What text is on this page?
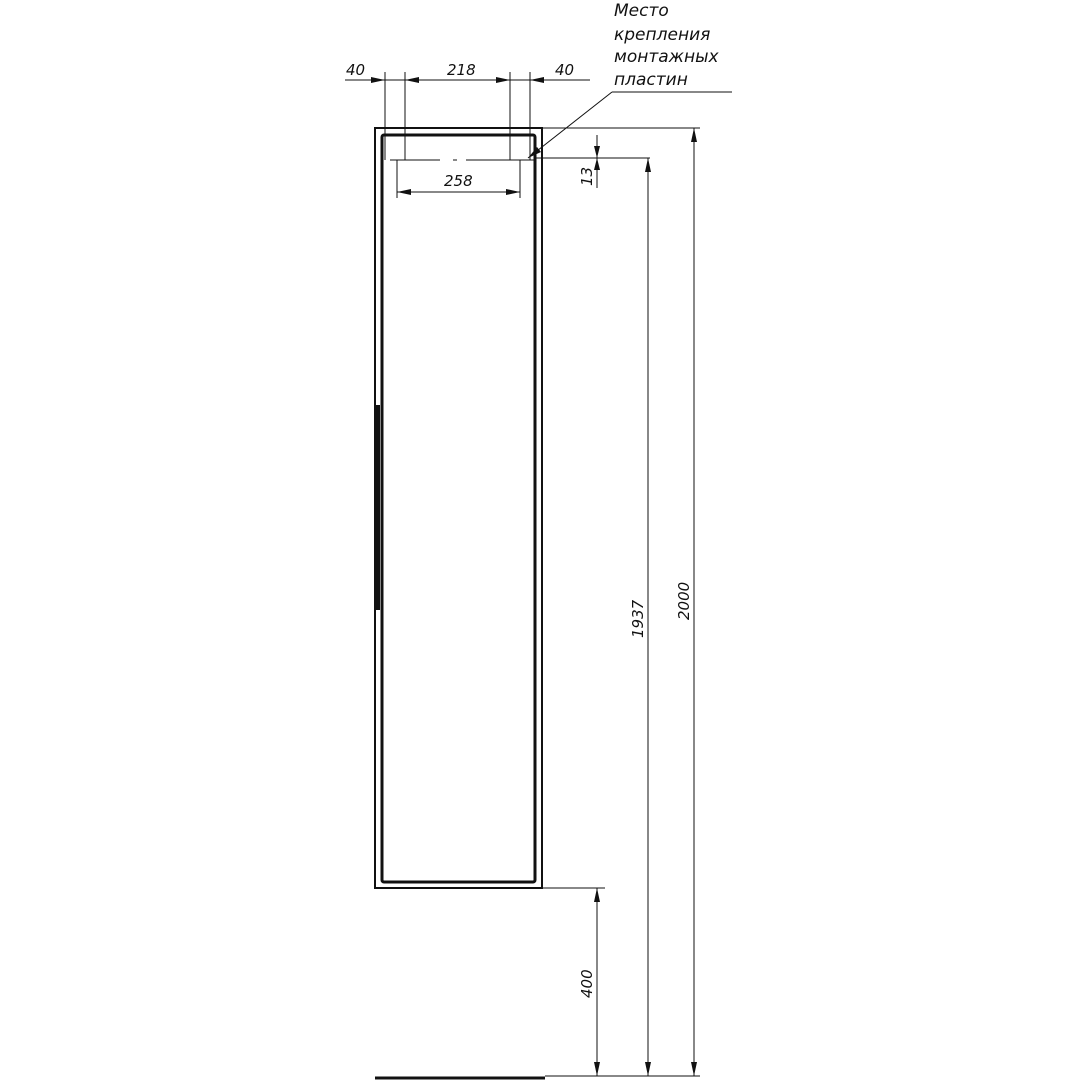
40	218	40
258
Место
крепления
монтажных
пластин
13
1937 2000
400
